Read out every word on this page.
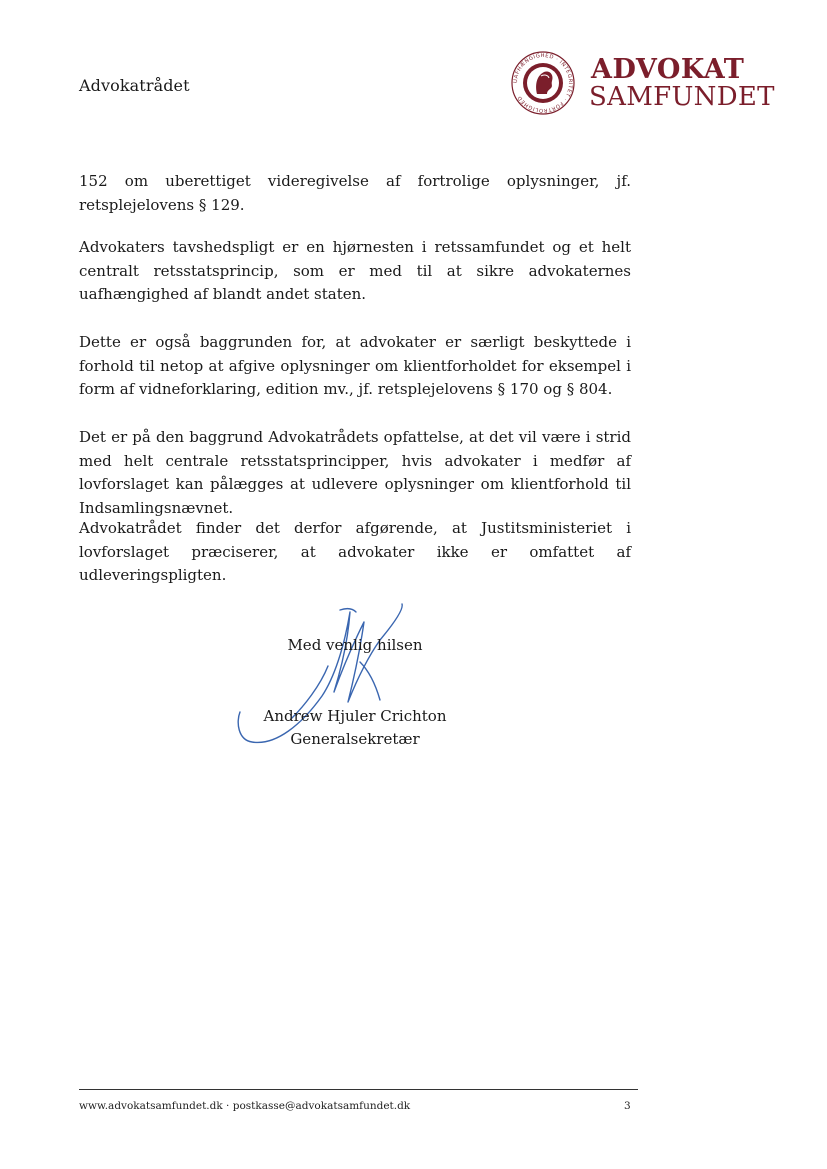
Advokatrådet	UAFHÆNGIGHED · INTEGRITET · FORTROLIGHED
ADVOKAT
SAMFUNDET

152 om uberettiget videregivelse af fortrolige oplysninger, jf. retsplejelovens § 129.

Advokaters tavshedspligt er en hjørnesten i retssamfundet og et helt centralt retsstatsprincip, som er med til at sikre advokaternes uafhængighed af blandt andet staten.

Dette er også baggrunden for, at advokater er særligt beskyttede i forhold til netop at afgive oplysninger om klientforholdet for eksempel i form af vidneforklaring, edition mv., jf. retsplejelovens § 170 og § 804.

Det er på den baggrund Advokatrådets opfattelse, at det vil være i strid med helt centrale retsstatsprincipper, hvis advokater i medfør af lovforslaget kan pålægges at udlevere oplysninger om klientforhold til Indsamlingsnævnet.

Advokatrådet finder det derfor afgørende, at Justitsministeriet i lovforslaget præciserer, at advokater ikke er omfattet af udleveringspligten.

Med venlig hilsen
Andrew Hjuler Crichton
Generalsekretær
www.advokatsamfundet.dk · postkasse@advokatsamfundet.dk	3
